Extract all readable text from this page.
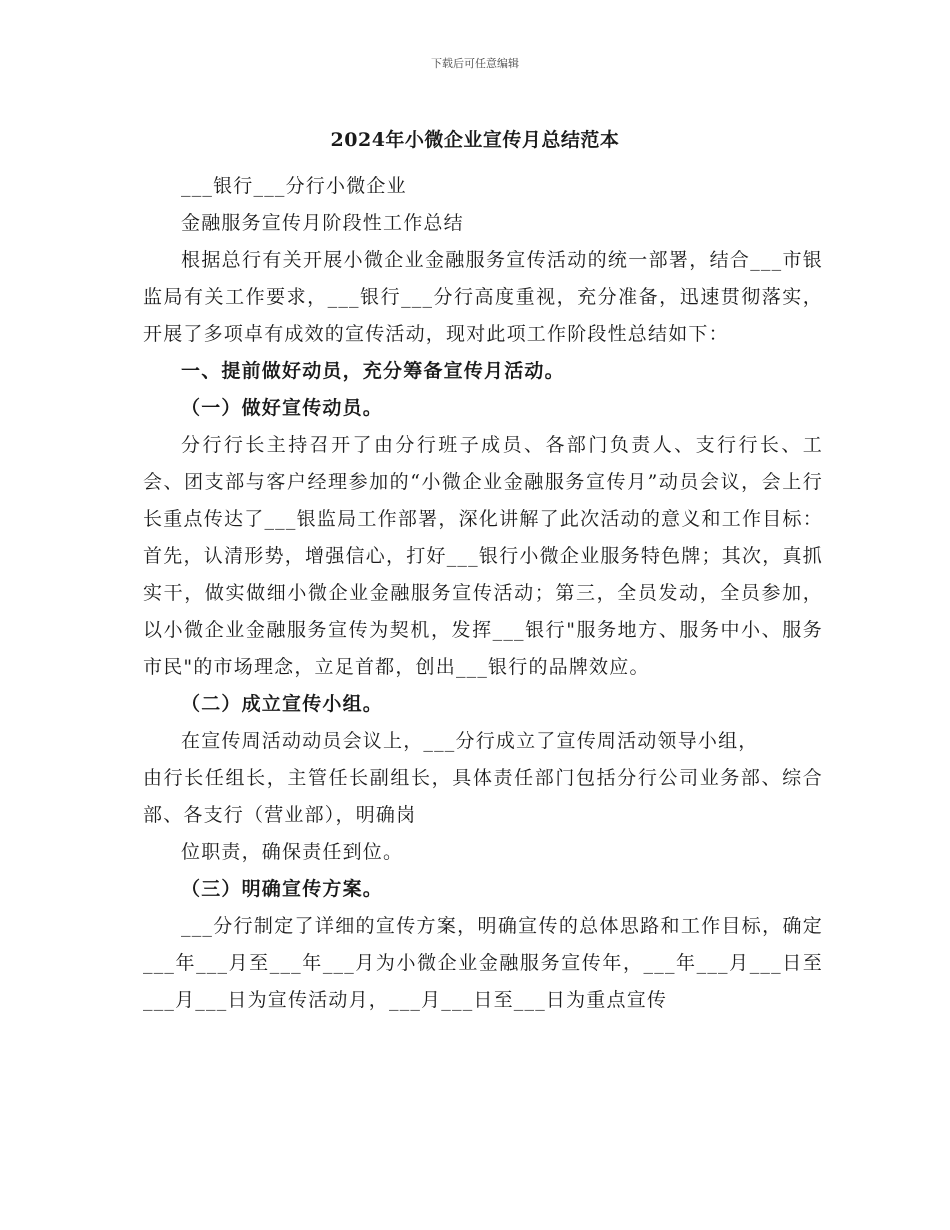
下载后可任意编辑
2024年小微企业宣传月总结范本

___银行___分行小微企业

金融服务宣传月阶段性工作总结

根据总行有关开展小微企业金融服务宣传活动的统一部署，结合___市银监局有关工作要求，___银行___分行高度重视，充分准备，迅速贯彻落实，开展了多项卓有成效的宣传活动，现对此项工作阶段性总结如下：

一、提前做好动员，充分筹备宣传月活动。

（一）做好宣传动员。

分行行长主持召开了由分行班子成员、各部门负责人、支行行长、工会、团支部与客户经理参加的“小微企业金融服务宣传月”动员会议，会上行长重点传达了___银监局工作部署，深化讲解了此次活动的意义和工作目标：首先，认清形势，增强信心，打好___银行小微企业服务特色牌；其次，真抓实干，做实做细小微企业金融服务宣传活动；第三，全员发动，全员参加，以小微企业金融服务宣传为契机，发挥___银行"服务地方、服务中小、服务市民"的市场理念，立足首都，创出___银行的品牌效应。

（二）成立宣传小组。

在宣传周活动动员会议上，___分行成立了宣传周活动领导小组，

由行长任组长，主管任长副组长，具体责任部门包括分行公司业务部、综合部、各支行（营业部），明确岗

位职责，确保责任到位。

（三）明确宣传方案。

___分行制定了详细的宣传方案，明确宣传的总体思路和工作目标，确定___年___月至___年___月为小微企业金融服务宣传年，___年___月___日至___月___日为宣传活动月，___月___日至___日为重点宣传
